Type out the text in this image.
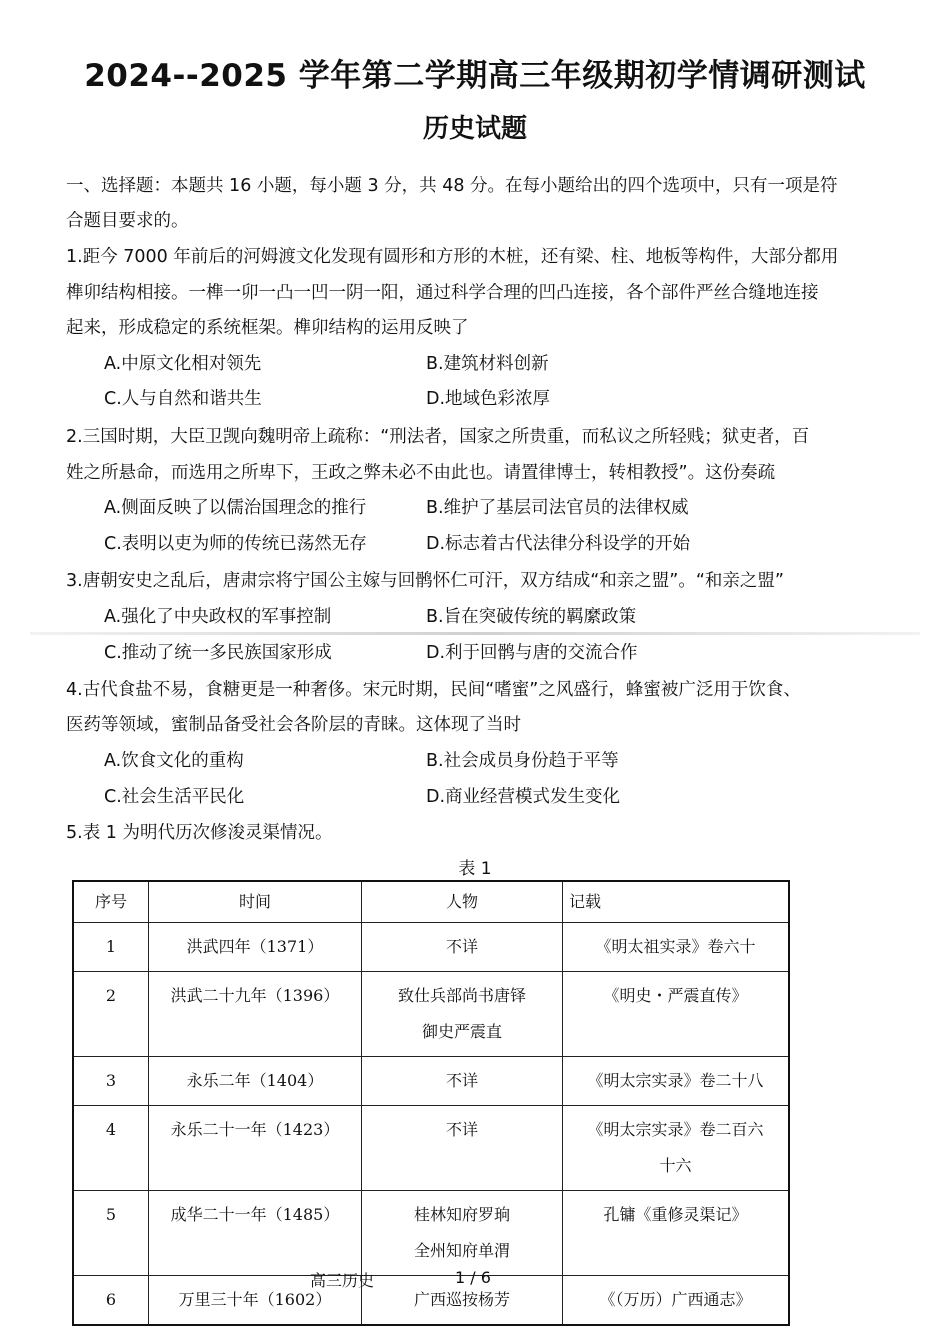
2024--2025 学年第二学期高三年级期初学情调研测试
历史试题
一、选择题：本题共 16 小题，每小题 3 分，共 48 分。在每小题给出的四个选项中，只有一项是符
合题目要求的。
1.距今 7000 年前后的河姆渡文化发现有圆形和方形的木桩，还有梁、柱、地板等构件，大部分都用
榫卯结构相接。一榫一卯一凸一凹一阴一阳，通过科学合理的凹凸连接，各个部件严丝合缝地连接
起来，形成稳定的系统框架。榫卯结构的运用反映了
A.中原文化相对领先	B.建筑材料创新
C.人与自然和谐共生	D.地域色彩浓厚
2.三国时期，大臣卫觊向魏明帝上疏称：“刑法者，国家之所贵重，而私议之所轻贱；狱吏者，百
姓之所悬命，而选用之所卑下，王政之弊未必不由此也。请置律博士，转相教授”。这份奏疏
A.侧面反映了以儒治国理念的推行	B.维护了基层司法官员的法律权威
C.表明以吏为师的传统已荡然无存	D.标志着古代法律分科设学的开始
3.唐朝安史之乱后，唐肃宗将宁国公主嫁与回鹘怀仁可汗，双方结成“和亲之盟”。“和亲之盟”
A.强化了中央政权的军事控制	B.旨在突破传统的羁縻政策
C.推动了统一多民族国家形成	D.利于回鹘与唐的交流合作
4.古代食盐不易，食糖更是一种奢侈。宋元时期，民间“嗜蜜”之风盛行，蜂蜜被广泛用于饮食、
医药等领域，蜜制品备受社会各阶层的青睐。这体现了当时
A.饮食文化的重构	B.社会成员身份趋于平等
C.社会生活平民化	D.商业经营模式发生变化
5.表 1 为明代历次修浚灵渠情况。
表 1
序号	时间	人物	记载
1	洪武四年（1371）	不详	《明太祖实录》卷六十
2	洪武二十九年（1396）	致仕兵部尚书唐铎
御史严震直	《明史・严震直传》
3	永乐二年（1404）	不详	《明太宗实录》卷二十八
4	永乐二十一年（1423）	不详	《明太宗实录》卷二百六
十六
5	成华二十一年（1485）	桂林知府罗珦
全州知府单渭	孔镛《重修灵渠记》
6	万里三十年（1602）	广西巡按杨芳	《（万历）广西通志》
高三历史	1 / 6
